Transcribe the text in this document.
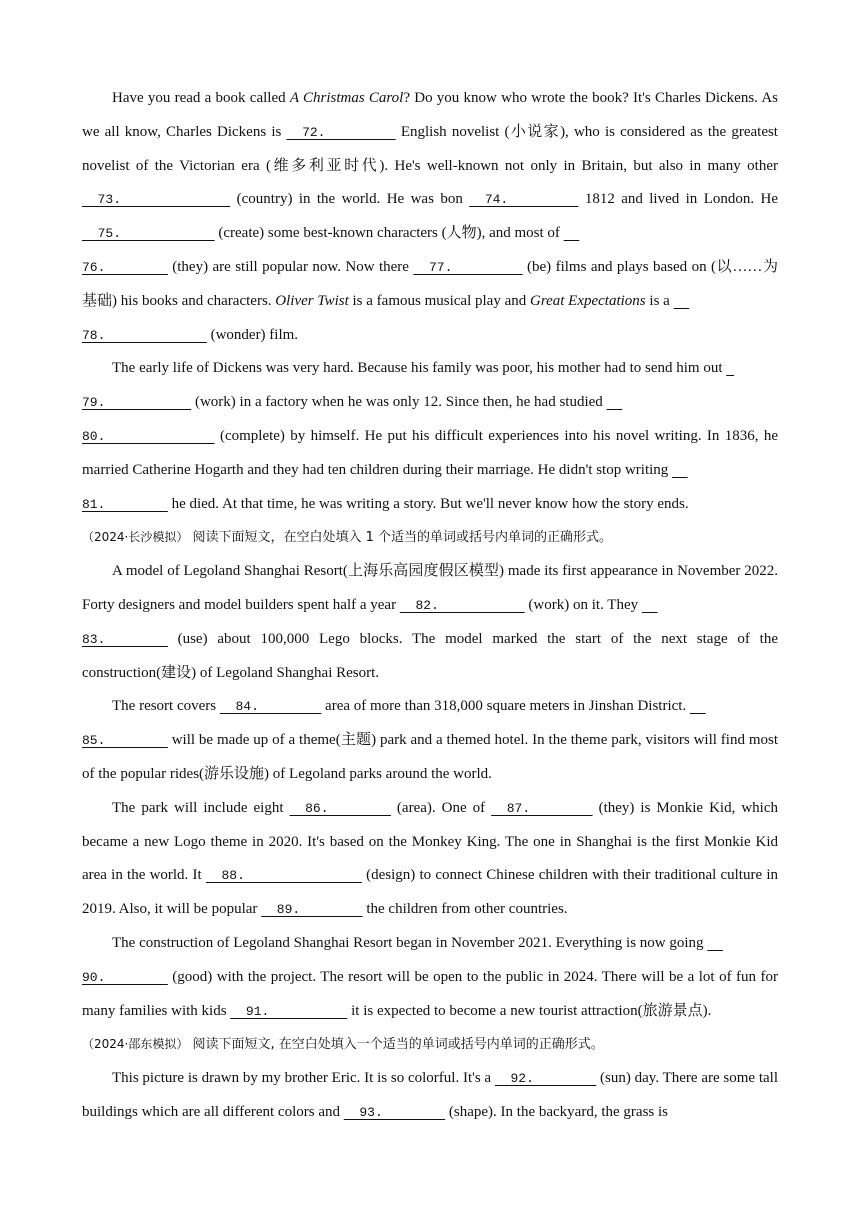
Have you read a book called A Christmas Carol? Do you know who wrote the book? It's Charles Dickens. As we all know, Charles Dickens is   72.          English novelist (小说家), who is considered as the greatest novelist of the Victorian era (维多利亚时代). He's well-known not only in Britain, but also in many other   73.               (country) in the world. He was bon   74.          1812 and lived in London. He   75.             (create) some best-known characters (人物), and most of
76.         (they) are still popular now. Now there   77.          (be) films and plays based on (以……为基础) his books and characters. Oliver Twist is a famous musical play and Great Expectations is a
78.              (wonder) film.

The early life of Dickens was very hard. Because his family was poor, his mother had to send him out
79.            (work) in a factory when he was only 12. Since then, he had studied
80.               (complete) by himself. He put his difficult experiences into his novel writing. In 1836, he married Catherine Hogarth and they had ten children during their marriage. He didn't stop writing
81.         he died. At that time, he was writing a story. But we'll never know how the story ends.

（2024·长沙模拟） 阅读下面短文，在空白处填入 1 个适当的单词或括号内单词的正确形式。

A model of Legoland Shanghai Resort(上海乐高园度假区模型) made its first appearance in November 2022. Forty designers and model builders spent half a year   82.            (work) on it. They
83.         (use) about 100,000 Lego blocks. The model marked the start of the next stage of the construction(建设) of Legoland Shanghai Resort.

The resort covers   84.         area of more than 318,000 square meters in Jinshan District.
85.         will be made up of a theme(主题) park and a themed hotel. In the theme park, visitors will find most of the popular rides(游乐设施) of Legoland parks around the world.

The park will include eight   86.         (area). One of   87.         (they) is Monkie Kid, which became a new Logo theme in 2020. It's based on the Monkey King. The one in Shanghai is the first Monkie Kid area in the world. It   88.                (design) to connect Chinese children with their traditional culture in 2019. Also, it will be popular   89.         the children from other countries.

The construction of Legoland Shanghai Resort began in November 2021. Everything is now going
90.         (good) with the project. The resort will be open to the public in 2024. There will be a lot of fun for many families with kids   91.           it is expected to become a new tourist attraction(旅游景点).

（2024·邵东模拟） 阅读下面短文, 在空白处填入一个适当的单词或括号内单词的正确形式。

This picture is drawn by my brother Eric. It is so colorful. It's a   92.         (sun) day. There are some tall buildings which are all different colors and   93.         (shape). In the backyard, the grass is
